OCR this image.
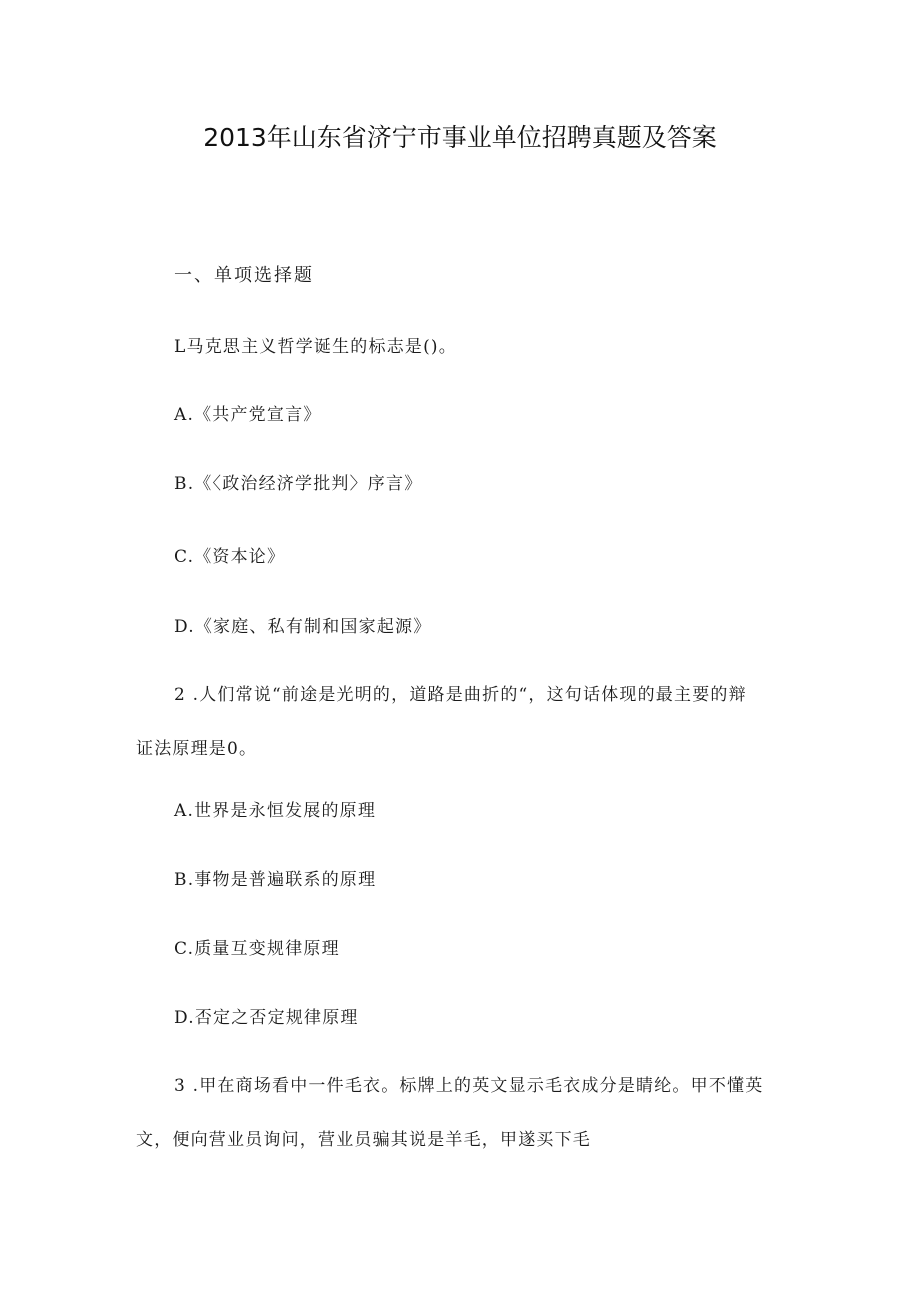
2013年山东省济宁市事业单位招聘真题及答案
一、单项选择题
L马克思主义哲学诞生的标志是()。
A.《共产党宣言》
B.《〈政治经济学批判〉序言》
C.《资本论》
D.《家庭、私有制和国家起源》
2 .人们常说“前途是光明的，道路是曲折的“，这句话体现的最主要的辩
证法原理是0。
A.世界是永恒发展的原理
B.事物是普遍联系的原理
C.质量互变规律原理
D.否定之否定规律原理
3 .甲在商场看中一件毛衣。标牌上的英文显示毛衣成分是睛纶。甲不懂英
文，便向营业员询问，营业员骗其说是羊毛，甲遂买下毛
